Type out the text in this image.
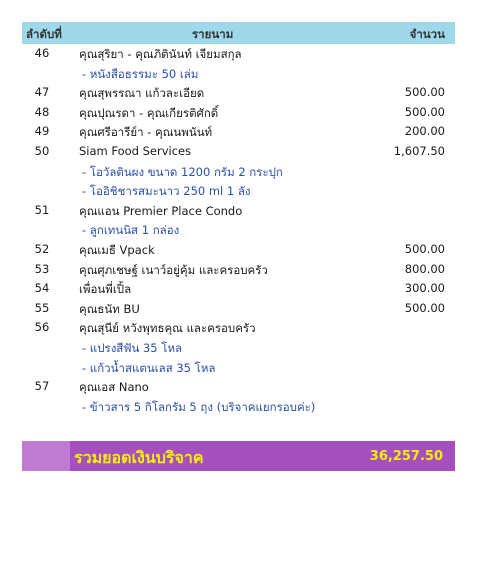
ลำดับที่	รายนาม	จำนวน
46	คุณสุริยา - คุณภิตินันท์ เจียมสกุล
- หนังสือธรรมะ 50 เล่ม
47	คุณสุพรรณา แก้วละเอียด	500.00
48	คุณปุณรดา - คุณเกียรติศักดิ์	500.00
49	คุณศรีอารีย์า - คุณนพนันท์	200.00
50	Siam Food Services	1,607.50
- โอวัลตินผง ขนาด 1200 กรัม 2 กระปุก
- โออิชิชารสมะนาว 250 ml 1 ลัง
51	คุณแอน Premier Place Condo
- ลูกเทนนิส 1 กล่อง
52	คุณเมธี Vpack	500.00
53	คุณศุภเชษฐ์ เนาว์อยู่คุ้ม และครอบครัว	800.00
54	เพื่อนพี่เปิ้ล	300.00
55	คุณธนัท BU	500.00
56	คุณสุนีย์ หวังพุทธคุณ และครอบครัว
- แปรงสีฟัน 35 โหล
- แก้วน้ำสแตนเลส 35 โหล
57	คุณเอส Nano
- ข้าวสาร 5 กิโลกรัม 5 ถุง (บริจาคแยกรอบค่ะ)
รวมยอดเงินบริจาค	36,257.50
